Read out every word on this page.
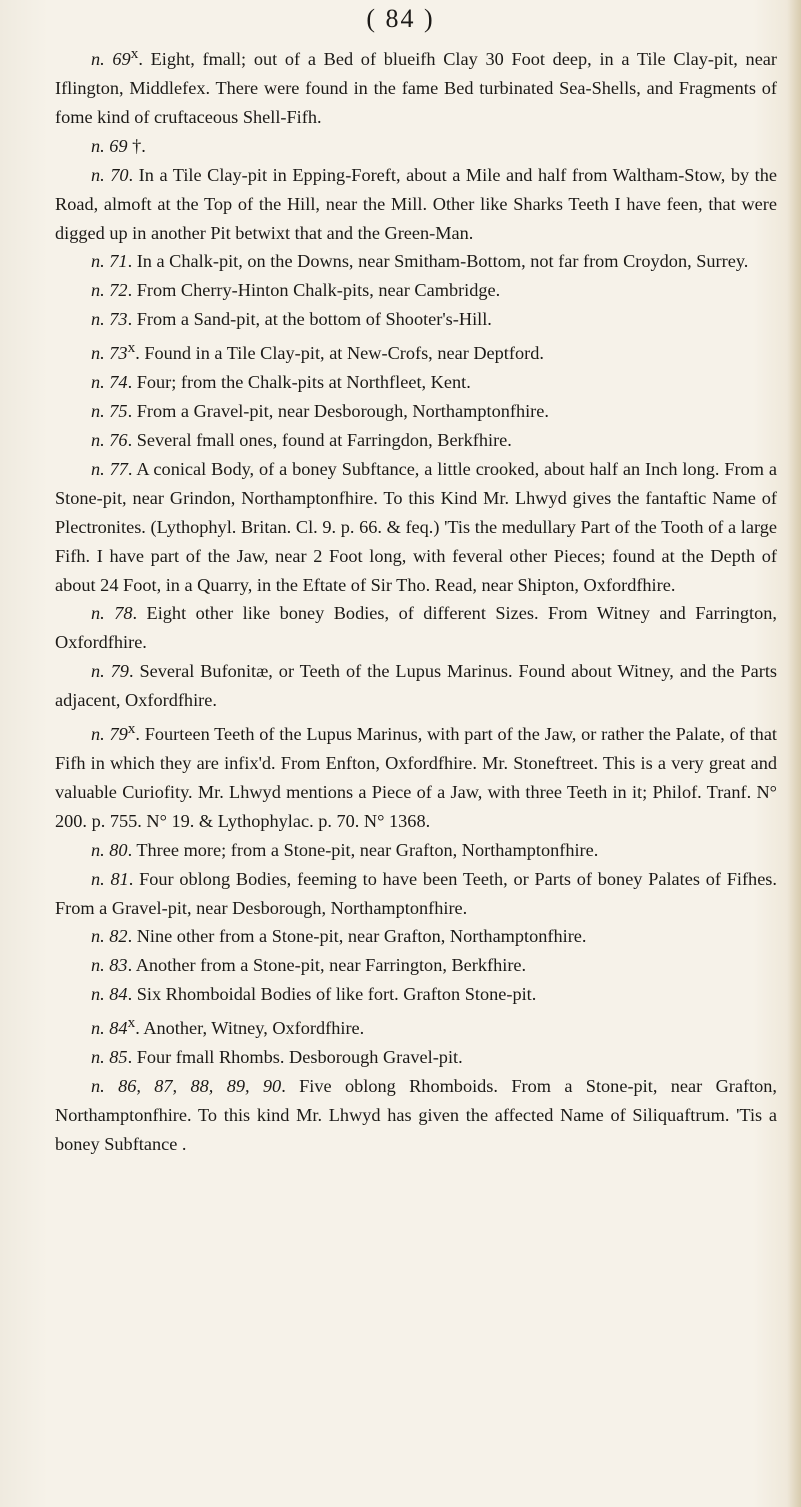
( 84 )

n. 69$^x$. Eight, fmall; out of a Bed of blueifh Clay 30 Foot deep, in a Tile Clay-pit, near Iflington, Middlefex. There were found in the fame Bed turbinated Sea-Shells, and Fragments of fome kind of cruftaceous Shell-Fifh.

n. 69 †.

n. 70. In a Tile Clay-pit in Epping-Foreft, about a Mile and half from Waltham-Stow, by the Road, almoft at the Top of the Hill, near the Mill. Other like Sharks Teeth I have feen, that were digged up in another Pit betwixt that and the Green-Man.

n. 71. In a Chalk-pit, on the Downs, near Smitham-Bottom, not far from Croydon, Surrey.

n. 72. From Cherry-Hinton Chalk-pits, near Cambridge.

n. 73. From a Sand-pit, at the bottom of Shooter's-Hill.

n. 73$^x$. Found in a Tile Clay-pit, at New-Crofs, near Deptford.

n. 74. Four; from the Chalk-pits at Northfleet, Kent.

n. 75. From a Gravel-pit, near Desborough, Northamptonfhire.

n. 76. Several fmall ones, found at Farringdon, Berkfhire.

n. 77. A conical Body, of a boney Subftance, a little crooked, about half an Inch long. From a Stone-pit, near Grindon, Northamptonfhire. To this Kind Mr. Lhwyd gives the fantaftic Name of Plectronites. (Lythophyl. Britan. Cl. 9. p. 66. & feq.) 'Tis the medullary Part of the Tooth of a large Fifh. I have part of the Jaw, near 2 Foot long, with feveral other Pieces; found at the Depth of about 24 Foot, in a Quarry, in the Eftate of Sir Tho. Read, near Shipton, Oxfordfhire.

n. 78. Eight other like boney Bodies, of different Sizes. From Witney and Farrington, Oxfordfhire.

n. 79. Several Bufonitæ, or Teeth of the Lupus Marinus. Found about Witney, and the Parts adjacent, Oxfordfhire.

n. 79$^x$. Fourteen Teeth of the Lupus Marinus, with part of the Jaw, or rather the Palate, of that Fifh in which they are infix'd. From Enfton, Oxfordfhire. Mr. Stoneftreet. This is a very great and valuable Curiofity. Mr. Lhwyd mentions a Piece of a Jaw, with three Teeth in it; Philof. Tranf. N° 200. p. 755. N° 19. & Lythophylac. p. 70. N° 1368.

n. 80. Three more; from a Stone-pit, near Grafton, Northamptonfhire.

n. 81. Four oblong Bodies, feeming to have been Teeth, or Parts of boney Palates of Fifhes. From a Gravel-pit, near Desborough, Northamptonfhire.

n. 82. Nine other from a Stone-pit, near Grafton, Northamptonfhire.

n. 83. Another from a Stone-pit, near Farrington, Berkfhire.

n. 84. Six Rhomboidal Bodies of like fort. Grafton Stone-pit.

n. 84$^x$. Another, Witney, Oxfordfhire.

n. 85. Four fmall Rhombs. Desborough Gravel-pit.

n. 86, 87, 88, 89, 90. Five oblong Rhomboids. From a Stone-pit, near Grafton, Northamptonfhire. To this kind Mr. Lhwyd has given the affected Name of Siliquaftrum. 'Tis a boney Subftance .
